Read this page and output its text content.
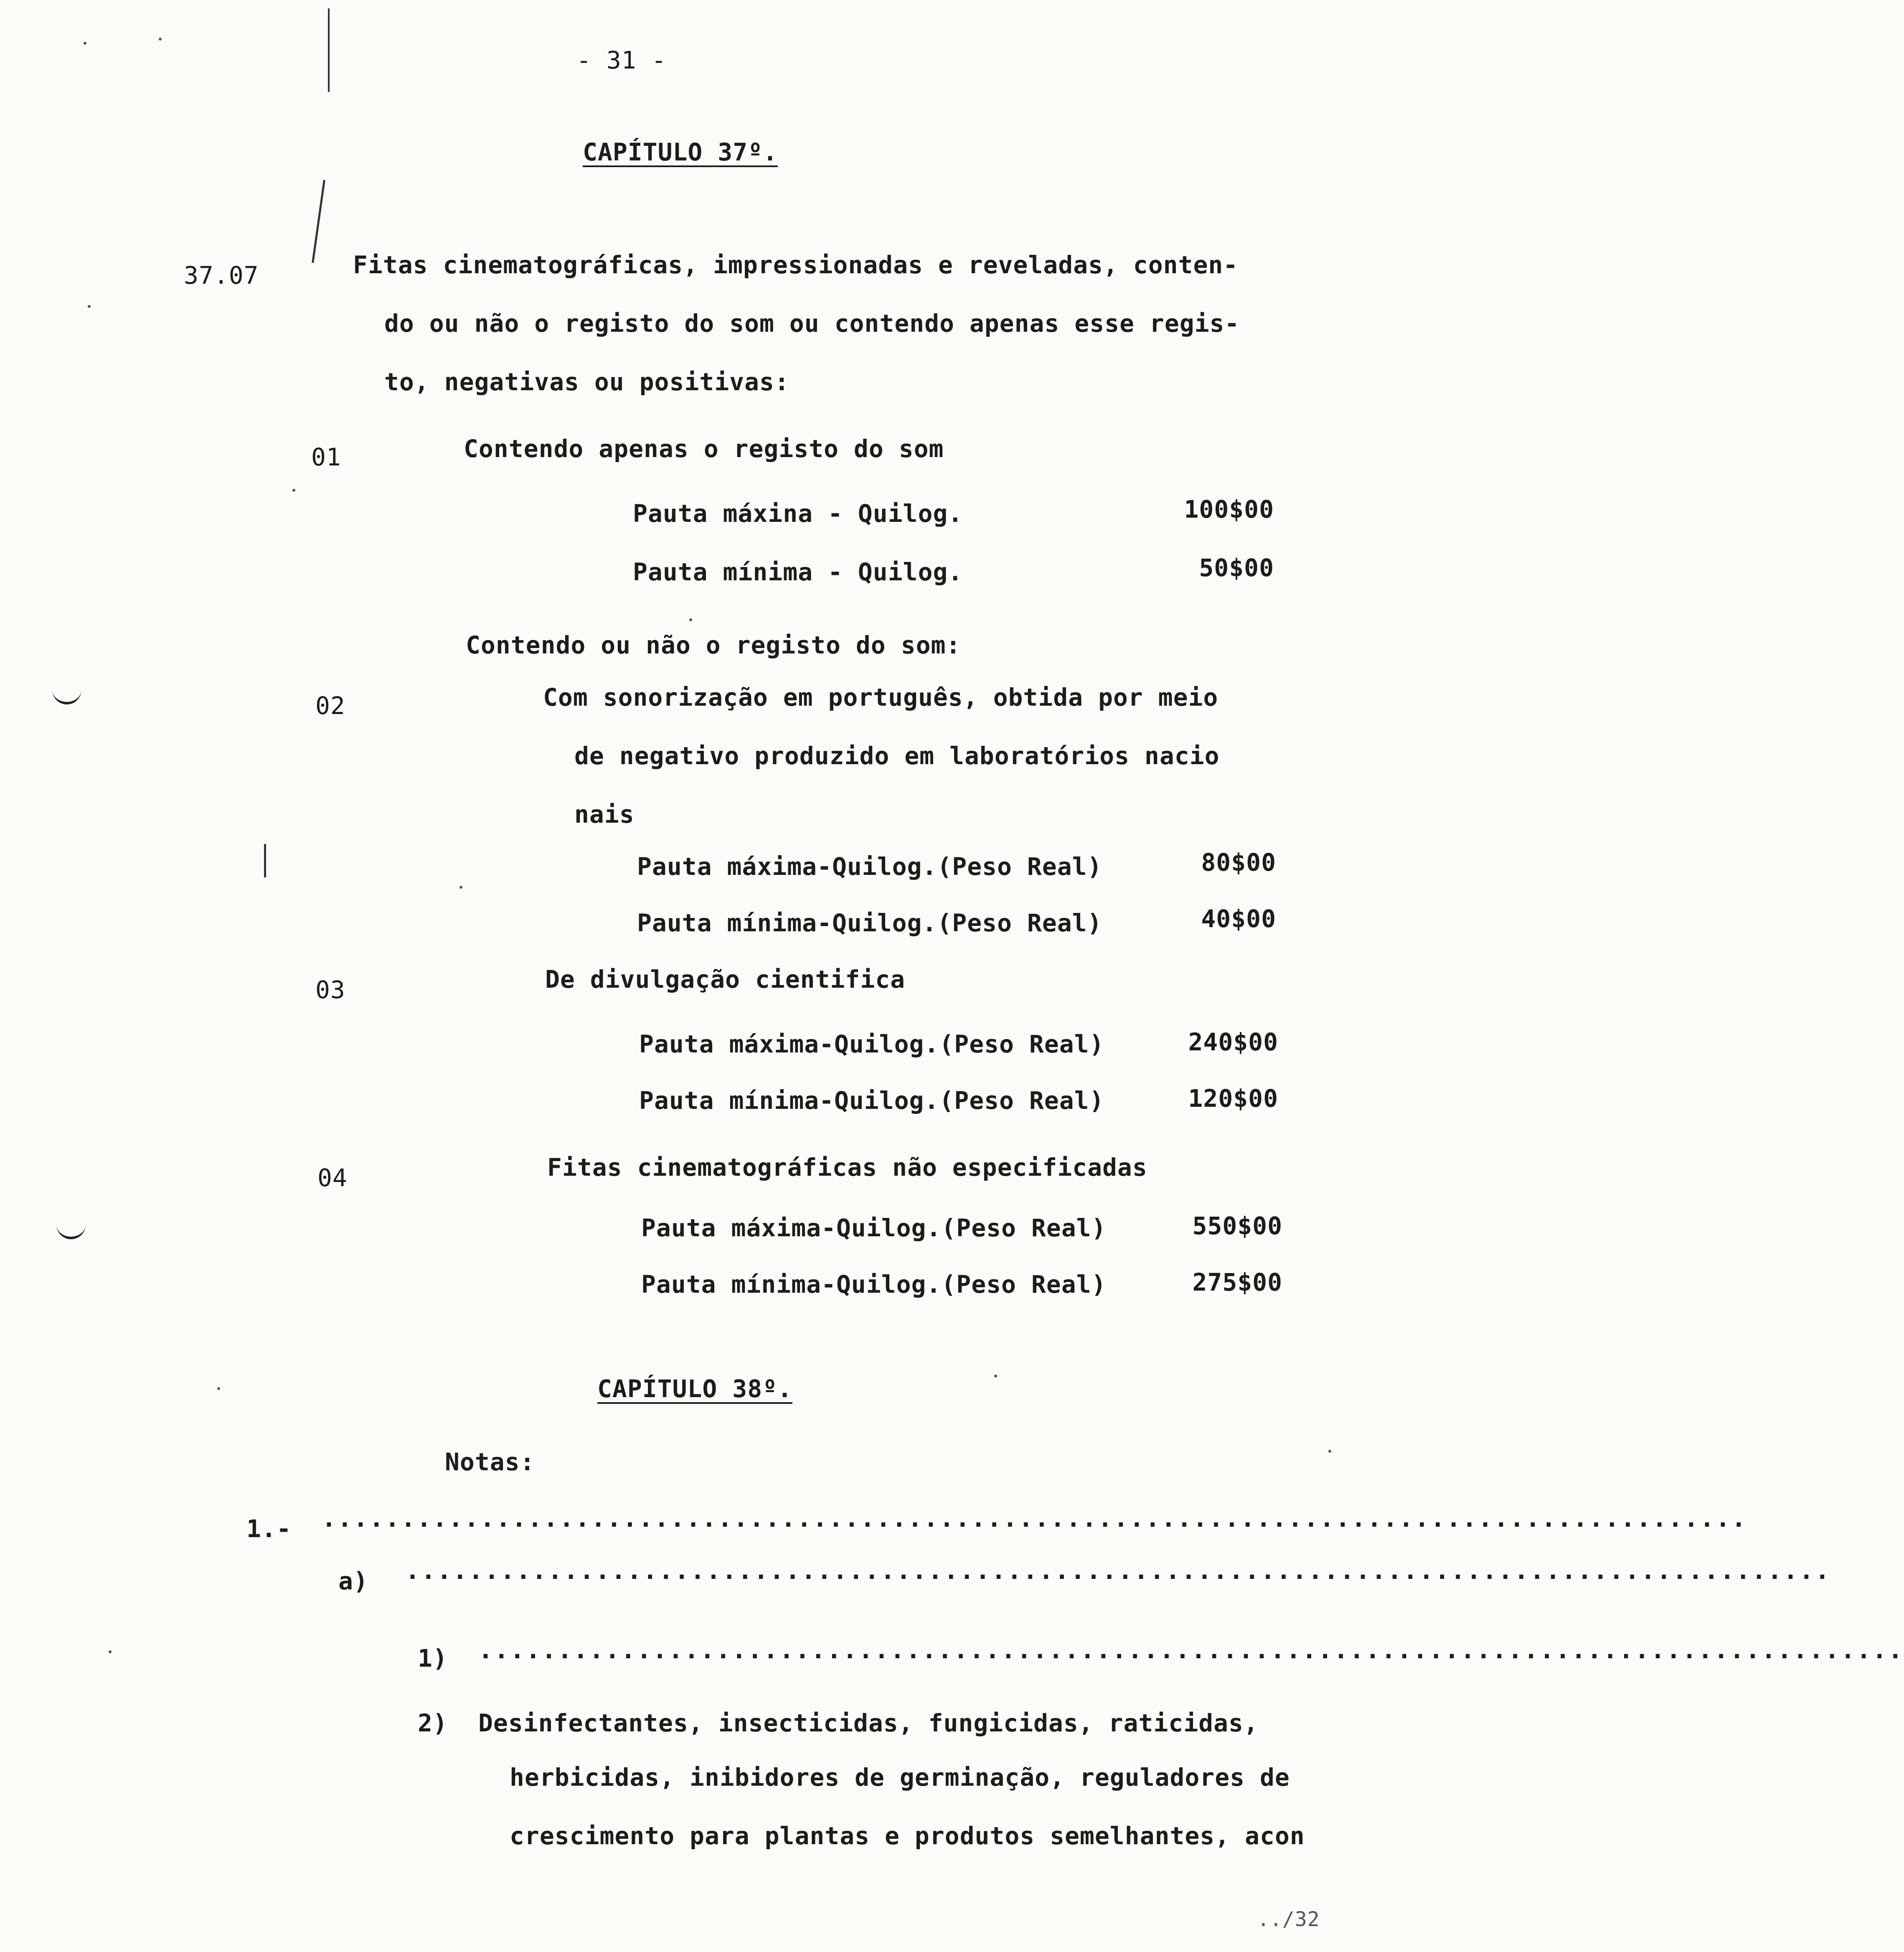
- 31 -
CAPÍTULO 37º.
37.07	Fitas cinematográficas, impressionadas e reveladas, conten-
do ou não o registo do som ou contendo apenas esse regis-
to, negativas ou positivas:
01	Contendo apenas o registo do som
Pauta máxina - Quilog.	100$00
Pauta mínima - Quilog.	50$00
Contendo ou não o registo do som:
02	Com sonorização em português, obtida por meio
de negativo produzido em laboratórios nacio
nais
Pauta máxima-Quilog.(Peso Real)	80$00
Pauta mínima-Quilog.(Peso Real)	40$00
03	De divulgação cientifica
Pauta máxima-Quilog.(Peso Real)	240$00
Pauta mínima-Quilog.(Peso Real)	120$00
04	Fitas cinematográficas não especificadas
Pauta máxima-Quilog.(Peso Real)	550$00
Pauta mínima-Quilog.(Peso Real)	275$00
CAPÍTULO 38º.
Notas:
1.- ··························································································
a) ··························································································
1) ··························································································
2) Desinfectantes, insecticidas, fungicidas, raticidas,
herbicidas, inibidores de germinação, reguladores de
crescimento para plantas e produtos semelhantes, acon
../32
